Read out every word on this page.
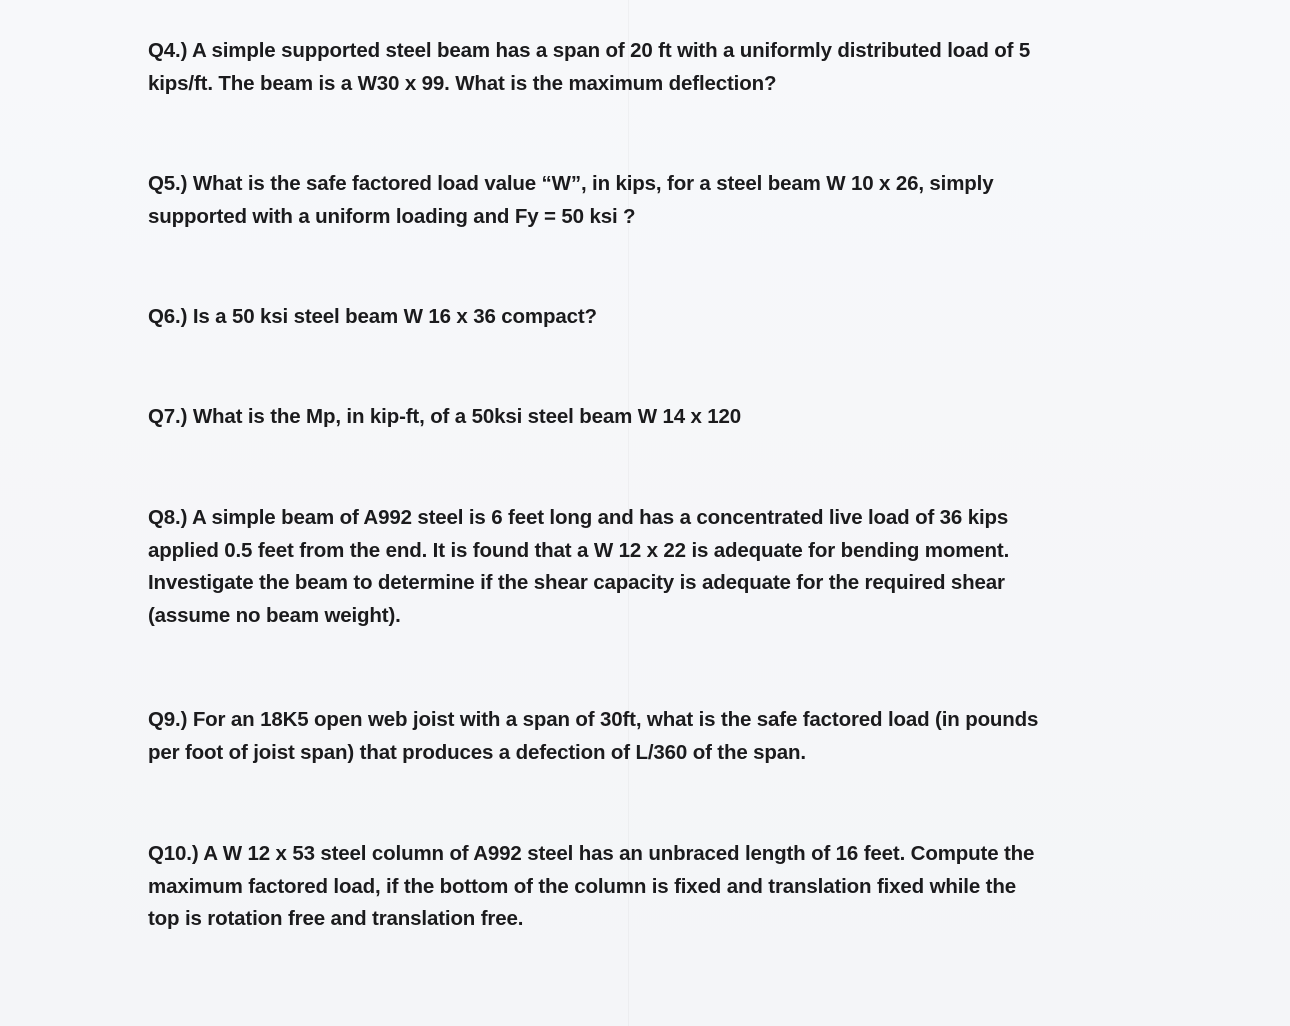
Q4.) A simple supported steel beam has a span of 20 ft with a uniformly distributed load of 5
kips/ft. The beam is a W30 x 99. What is the maximum deflection?
Q5.) What is the safe factored load value “W”, in kips, for a steel beam W 10 x 26, simply
supported with a uniform loading and Fy = 50 ksi ?
Q6.) Is a 50 ksi steel beam W 16 x 36 compact?
Q7.) What is the Mp, in kip-ft, of a 50ksi steel beam W 14 x 120
Q8.) A simple beam of A992 steel is 6 feet long and has a concentrated live load of 36 kips
applied 0.5 feet from the end. It is found that a W 12 x 22 is adequate for bending moment.
Investigate the beam to determine if the shear capacity is adequate for the required shear
(assume no beam weight).
Q9.) For an 18K5 open web joist with a span of 30ft, what is the safe factored load (in pounds
per foot of joist span) that produces a defection of L/360 of the span.
Q10.) A W 12 x 53 steel column of A992 steel has an unbraced length of 16 feet. Compute the
maximum factored load, if the bottom of the column is fixed and translation fixed while the
top is rotation free and translation free.
